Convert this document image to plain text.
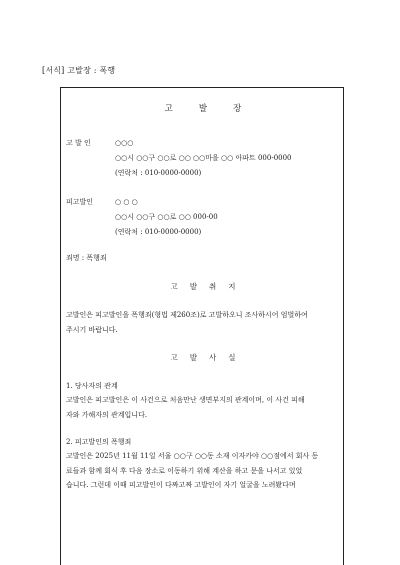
[서식] 고발장 : 폭행
고	발	장
고 발 인	○○○
○○시 ○○구 ○○로 ○○ ○○마을 ○○ 아파트 000-0000
(연락처 : 010-0000-0000)
피고발인	○ ○ ○
○○시 ○○구 ○○로 ○○ 000-00
(연락처 : 010-0000-0000)
죄명 : 폭행죄
고 발 취 지
고발인은 피고발인을 폭행죄(형법 제260조)로 고발하오니 조사하시어 엄벌하여
주시기 바랍니다.
고 발 사 실
1. 당사자의 관계
고발인은 피고발인은 이 사건으로 처음만난 생면부지의 관계이며, 이 사건 피해
자와 가해자의 관계입니다.
2. 피고발인의 폭행죄
고발인은 2025년 11월 11일 서울 ○○구 ○○동 소재 이자카야 ○○점에서 회사 동
료들과 함께 회식 후 다음 장소로 이동하기 위해 계산을 하고 문을 나서고 있었
습니다. 그런데 이때 피고발인이 다짜고짜 고발인이 자기 얼굴을 노려봤다며
